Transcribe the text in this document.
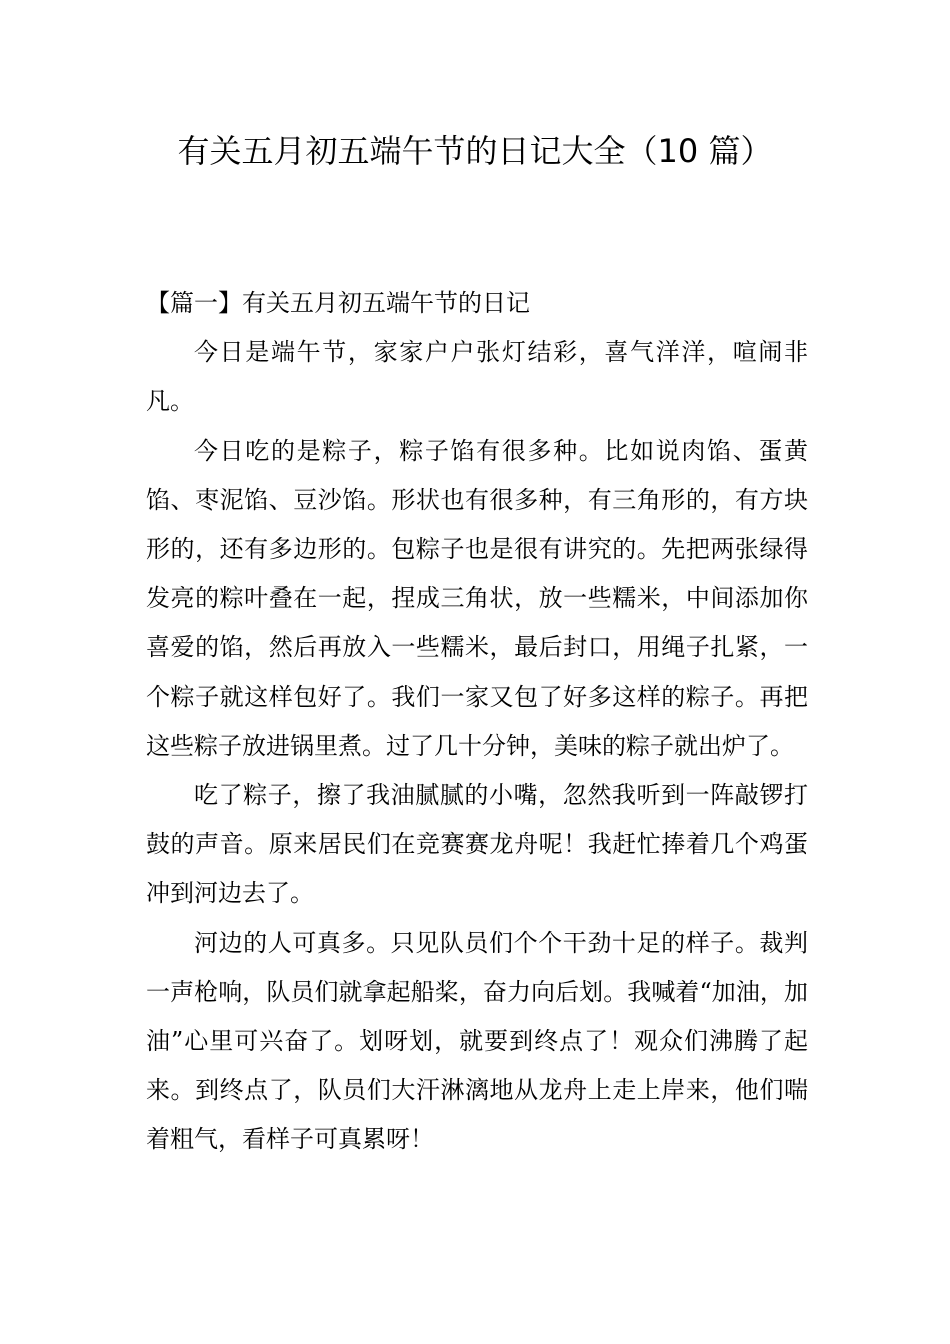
有关五月初五端午节的日记大全（10 篇）
【篇一】有关五月初五端午节的日记

今日是端午节，家家户户张灯结彩，喜气洋洋，喧闹非凡。

今日吃的是粽子，粽子馅有很多种。比如说肉馅、蛋黄馅、枣泥馅、豆沙馅。形状也有很多种，有三角形的，有方块形的，还有多边形的。包粽子也是很有讲究的。先把两张绿得发亮的粽叶叠在一起，捏成三角状，放一些糯米，中间添加你喜爱的馅，然后再放入一些糯米，最后封口，用绳子扎紧，一个粽子就这样包好了。我们一家又包了好多这样的粽子。再把这些粽子放进锅里煮。过了几十分钟，美味的粽子就出炉了。

吃了粽子，擦了我油腻腻的小嘴，忽然我听到一阵敲锣打鼓的声音。原来居民们在竞赛赛龙舟呢！我赶忙捧着几个鸡蛋冲到河边去了。

河边的人可真多。只见队员们个个干劲十足的样子。裁判一声枪响，队员们就拿起船桨，奋力向后划。我喊着“加油，加油”心里可兴奋了。划呀划，就要到终点了！观众们沸腾了起来。到终点了，队员们大汗淋漓地从龙舟上走上岸来，他们喘着粗气，看样子可真累呀！
